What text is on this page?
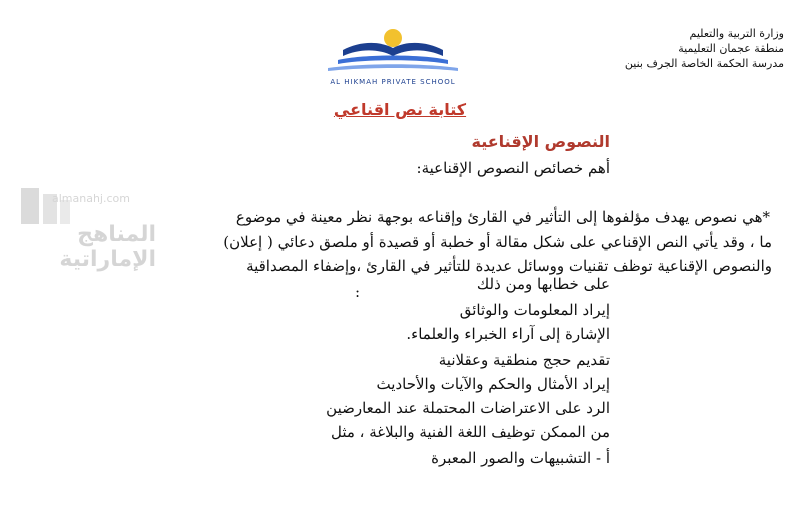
وزارة التربية والتعليم
منطقة عجمان التعليمية
مدرسة الحكمة الخاصة الجرف بنين
AL HIKMAH PRIVATE SCHOOL
almanahj.com
المناهج الإماراتية
كتابة نص اقناعي
النصوص الإقناعية
أهم خصائص النصوص الإقناعية:
*هي نصوص يهدف مؤلفوها إلى التأثير في القارئ وإقناعه بوجهة نظر معينة في موضوع
ما ، وقد يأتي النص الإقناعي على شكل مقالة أو خطبة أو قصيدة أو ملصق دعائي ( إعلان)
والنصوص الإقناعية توظف تقنيات ووسائل عديدة للتأثير في القارئ ،وإضفاء المصداقية
على خطابها ومن ذلك
:
إيراد المعلومات والوثائق
الإشارة إلى آراء الخبراء والعلماء.
تقديم حجج منطقية وعقلانية
إيراد الأمثال والحكم والآيات والأحاديث
الرد على الاعتراضات المحتملة عند المعارضين
من الممكن توظيف اللغة الفنية والبلاغة ، مثل
أ - التشبيهات والصور المعبرة
